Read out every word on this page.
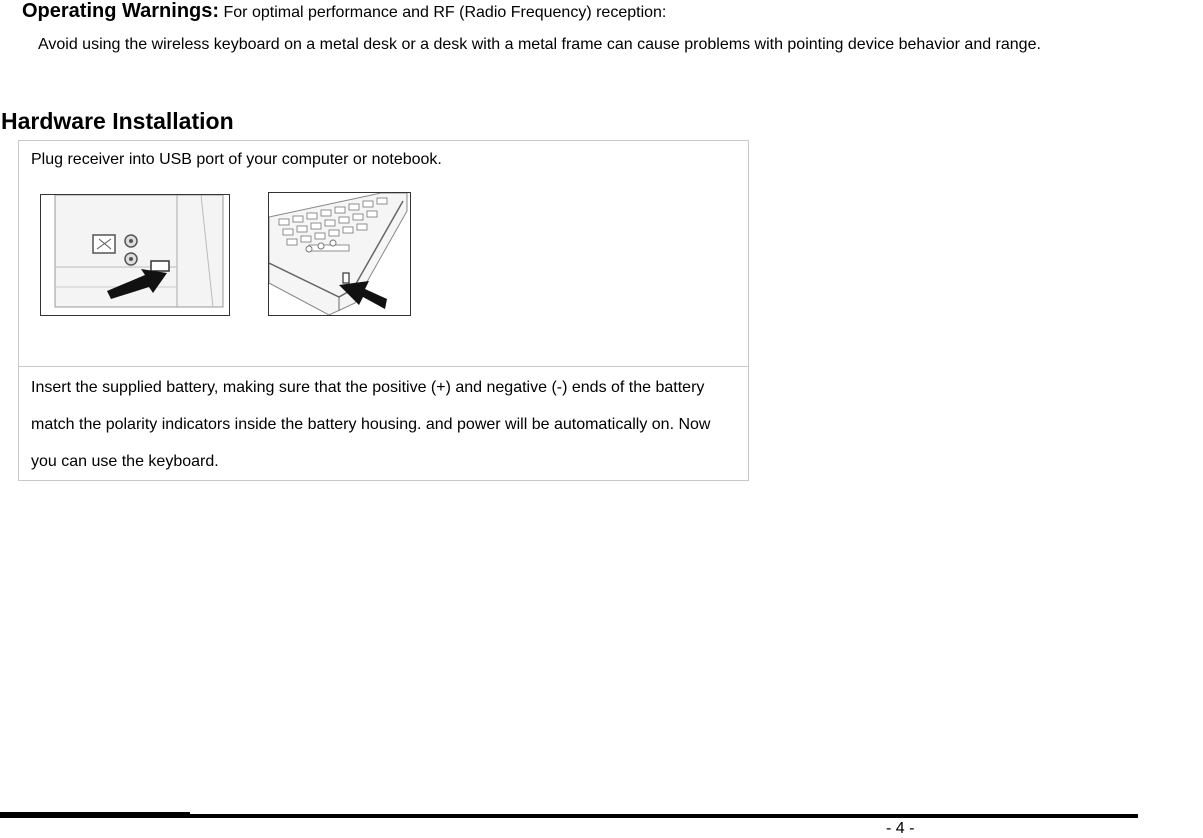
Operating Warnings: For optimal performance and RF (Radio Frequency) reception:
Avoid using the wireless keyboard on a metal desk or a desk with a metal frame can cause problems with pointing device behavior and range.
Hardware Installation
Plug receiver into USB port of your computer or notebook.

Insert the supplied battery, making sure that the positive (+) and negative (-) ends of the battery match the polarity indicators inside the battery housing. and power will be automatically on. Now you can use the keyboard.
- 4 -
